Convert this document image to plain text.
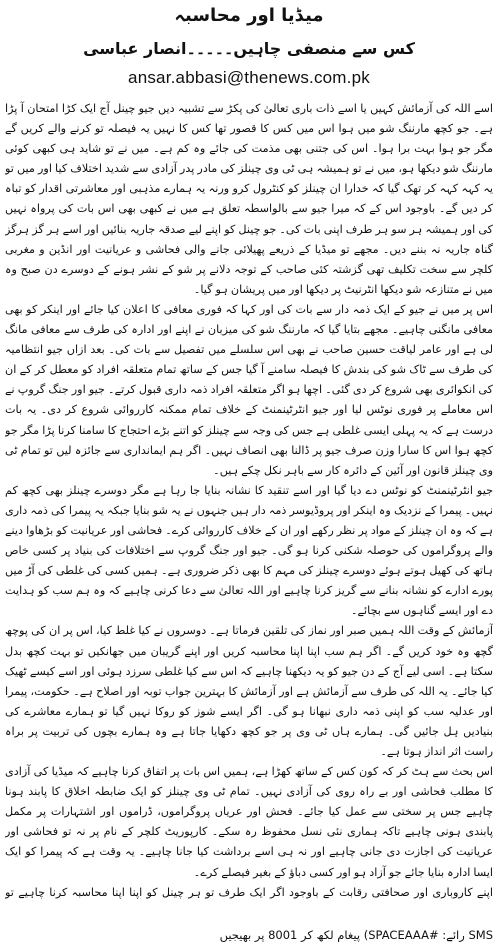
میڈیا اور محاسبہ
کس سے منصفی چاہیں۔۔۔۔۔انصار عباسی
ansar.abbasi@thenews.com.pk

اسے اللہ کی آزمائش کہیں یا اسے ذات باری تعالیٰ کی پکڑ سے تشبیہ دیں جیو چینل آج ایک کڑا امتحان آ پڑا ہے۔ جو کچھ مارننگ شو میں ہوا اس میں کس کا قصور تھا کس کا نہیں یہ فیصلہ تو کرنے والے کریں گے مگر جو ہوا بہت برا ہوا۔ اس کی جتنی بھی مذمت کی جائے وہ کم ہے۔ میں نے تو شاید ہی کبھی کوئی مارننگ شو دیکھا ہو، میں نے تو ہمیشہ ہی ٹی وی چینلز کی مادر پدر آزادی سے شدید اختلاف کیا اور میں تو یہ کہہ کہہ کر تھک گیا کہ خدارا ان چینلز کو کنٹرول کرو ورنہ یہ ہمارے مذہبی اور معاشرتی اقدار کو تباہ کر دیں گے۔ باوجود اس کے کہ میرا جیو سے بالواسطہ تعلق ہے میں نے کبھی بھی اس بات کی پرواہ نہیں کی اور ہمیشہ ہر سو ہر طرف اپنی بات کی۔ جو چینل کو اپنے لیے صدقہ جاریہ بنائیں اور اسے ہر گز ہرگز گناہ جاریہ نہ بننے دیں۔ مجھے تو میڈیا کے ذریعے پھیلائی جانے والی فحاشی و عریانیت اور انڈین و مغربی کلچر سے سخت تکلیف تھی گزشتہ کئی صاحب کے توجہ دلانے پر شو کے نشر ہونے کے دوسرے دن صبح وہ میں نے متنازعہ شو دیکھا انٹرنیٹ پر دیکھا اور میں پریشان ہو گیا۔

اس پر میں نے جیو کے ایک ذمہ دار سے بات کی اور کہا کہ فوری معافی کا اعلان کیا جائے اور اینکر کو بھی معافی مانگنی چاہیے۔ مجھے بتایا گیا کہ مارننگ شو کی میزبان نے اپنے اور ادارہ کی طرف سے معافی مانگ لی ہے اور عامر لیاقت حسین صاحب نے بھی اس سلسلے میں تفصیل سے بات کی۔ بعد ازاں جیو انتظامیہ کی طرف سے ٹاک شو کی بندش کا فیصلہ سامنے آ گیا جس کے ساتھ تمام متعلقہ افراد کو معطل کر کے ان کی انکوائری بھی شروع کر دی گئی۔ اچھا ہو اگر متعلقہ افراد ذمہ داری قبول کرتے۔ جیو اور جنگ گروپ نے اس معاملے پر فوری نوٹس لیا اور جیو انٹرٹینمنٹ کے خلاف تمام ممکنہ کارروائی شروع کر دی۔ یہ بات درست ہے کہ یہ پہلی ایسی غلطی ہے جس کی وجہ سے چینلز کو اتنے بڑے احتجاج کا سامنا کرنا پڑا مگر جو کچھ ہوا اس کا سارا وزن صرف جیو پر ڈالنا بھی انصاف نہیں۔ اگر ہم ایمانداری سے جائزہ لیں تو تمام ٹی وی چینلز قانون اور آئین کے دائرہ کار سے باہر نکل چکے ہیں۔

جیو انٹرٹینمنٹ کو نوٹس دے دیا گیا اور اسے تنقید کا نشانہ بنایا جا رہا ہے مگر دوسرے چینلز بھی کچھ کم نہیں۔ پیمرا کے نزدیک وہ اینکر اور پروڈیوسر ذمہ دار ہیں جنہوں نے یہ شو بنایا جبکہ یہ پیمرا کی ذمہ داری ہے کہ وہ ان چینلز کے مواد پر نظر رکھے اور ان کے خلاف کارروائی کرے۔ فحاشی اور عریانیت کو بڑھاوا دینے والے پروگراموں کی حوصلہ شکنی کرنا ہو گی۔ جیو اور جنگ گروپ سے اختلافات کی بنیاد پر کسی خاص ہاتھ کی کھیل ہوتے ہوئے دوسرے چینلز کی مہم کا بھی ذکر ضروری ہے۔ ہمیں کسی کی غلطی کی آڑ میں پورے ادارے کو نشانہ بنانے سے گریز کرنا چاہیے اور اللہ تعالیٰ سے دعا کرنی چاہیے کہ وہ ہم سب کو ہدایت دے اور ایسے گناہوں سے بچائے۔

آزمائش کے وقت اللہ ہمیں صبر اور نماز کی تلقین فرماتا ہے۔ دوسروں نے کیا غلط کیا، اس پر ان کی پوچھ گچھ وہ خود کریں گے۔ اگر ہم سب اپنا اپنا محاسبہ کریں اور اپنے گریبان میں جھانکیں تو بہت کچھ بدل سکتا ہے۔ اسی لیے آج کے دن جیو کو یہ دیکھنا چاہیے کہ اس سے کیا غلطی سرزد ہوئی اور اسے کیسے ٹھیک کیا جائے۔ یہ اللہ کی طرف سے آزمائش ہے اور آزمائش کا بہترین جواب توبہ اور اصلاح ہے۔ حکومت، پیمرا اور عدلیہ سب کو اپنی ذمہ داری نبھانا ہو گی۔ اگر ایسے شوز کو روکا نہیں گیا تو ہمارے معاشرے کی بنیادیں ہل جائیں گی۔ ہمارے ہاں ٹی وی پر جو کچھ دکھایا جاتا ہے وہ ہمارے بچوں کی تربیت پر براہ راست اثر انداز ہوتا ہے۔

اس بحث سے ہٹ کر کہ کون کس کے ساتھ کھڑا ہے، ہمیں اس بات پر اتفاق کرنا چاہیے کہ میڈیا کی آزادی کا مطلب فحاشی اور بے راہ روی کی آزادی نہیں۔ تمام ٹی وی چینلز کو ایک ضابطہ اخلاق کا پابند ہونا چاہیے جس پر سختی سے عمل کیا جائے۔ فحش اور عریاں پروگراموں، ڈراموں اور اشتہارات پر مکمل پابندی ہونی چاہیے تاکہ ہماری نئی نسل محفوظ رہ سکے۔ کارپوریٹ کلچر کے نام پر نہ تو فحاشی اور عریانیت کی اجازت دی جانی چاہیے اور نہ ہی اسے برداشت کیا جانا چاہیے۔ یہ وقت ہے کہ پیمرا کو ایک ایسا ادارہ بنایا جائے جو آزاد ہو اور کسی دباؤ کے بغیر فیصلے کرے۔

اپنے کاروباری اور صحافتی رقابت کے باوجود اگر ایک طرف تو ہر چینل کو اپنا اپنا محاسبہ کرنا چاہیے تو

SMS رائے: #SPACEAAA) پیغام لکھ کر 8001 پر بھیجیں
